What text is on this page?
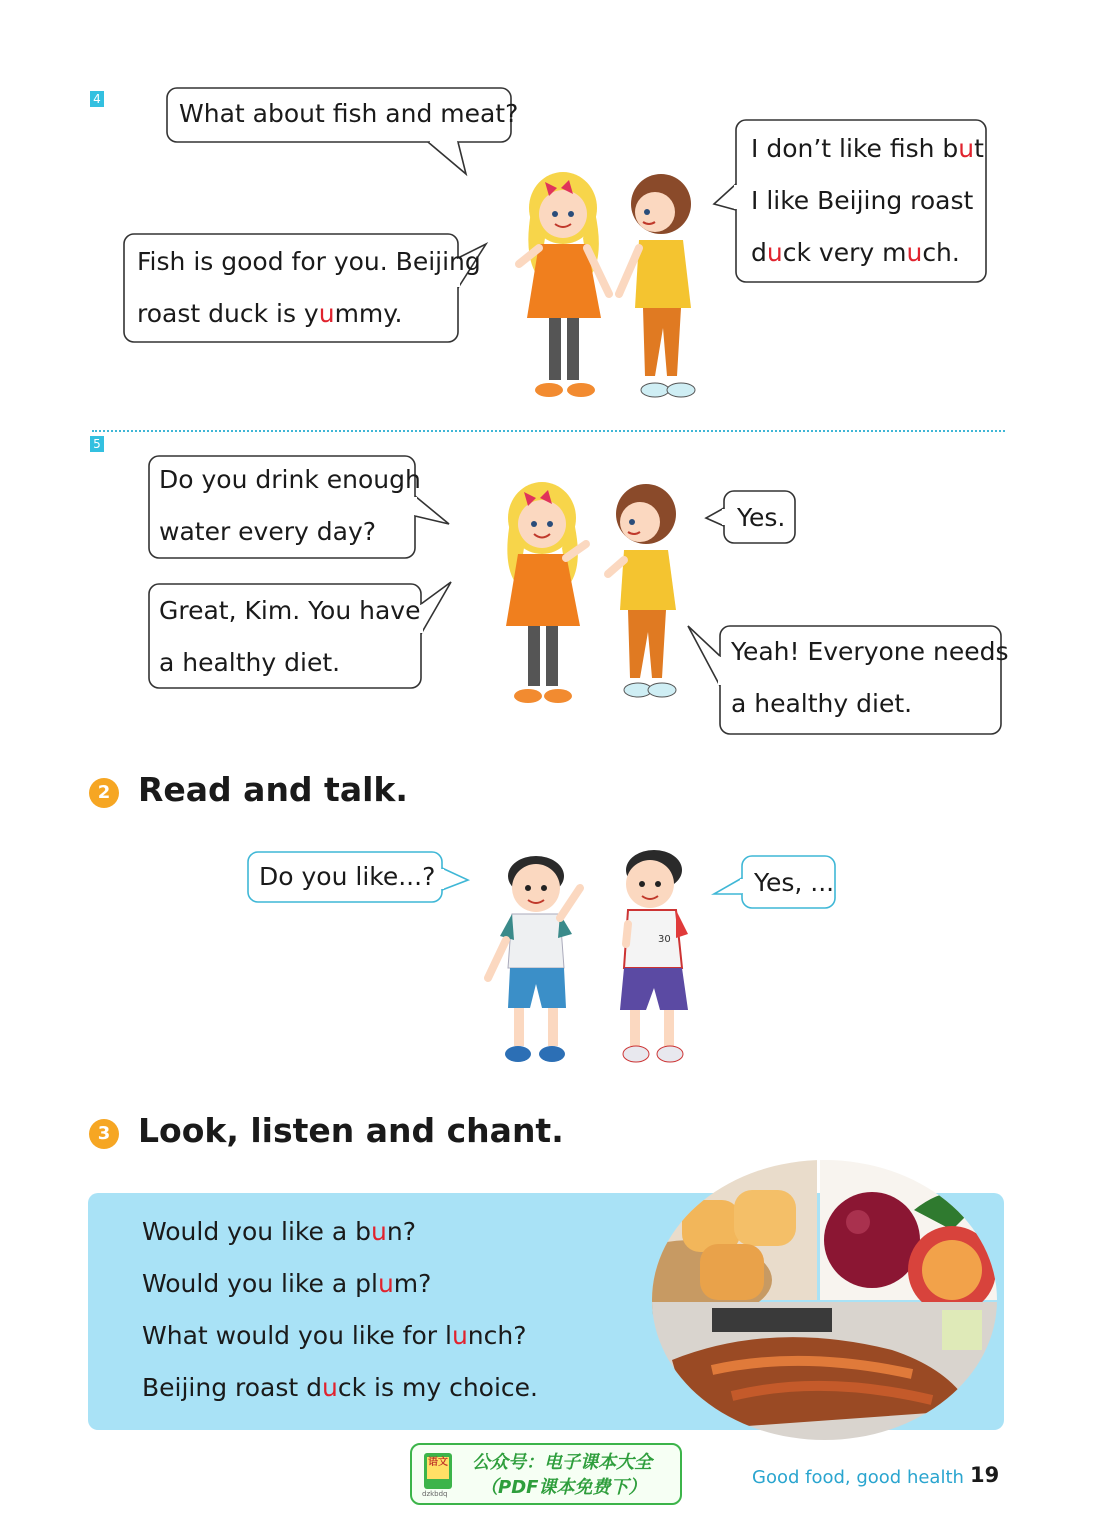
4	What about fish and meat?
Fish is good for you. Beijing
roast duck is yummy.
I don’t like fish but
I like Beijing roast
duck very much.
5
Do you drink enough
water every day?	Yes.
Great, Kim. You have
a healthy diet.	Yeah! Everyone needs
a healthy diet.
2 Read and talk.
Do you like...?	Yes, ...
30
3 Look, listen and chant.
Would you like a bun?
Would you like a plum?
What would you like for lunch?
Beijing roast duck is my choice.
语文
dzkbdq
公众号：电子课本大全
（PDF课本免费下）	Good food, good health 19
